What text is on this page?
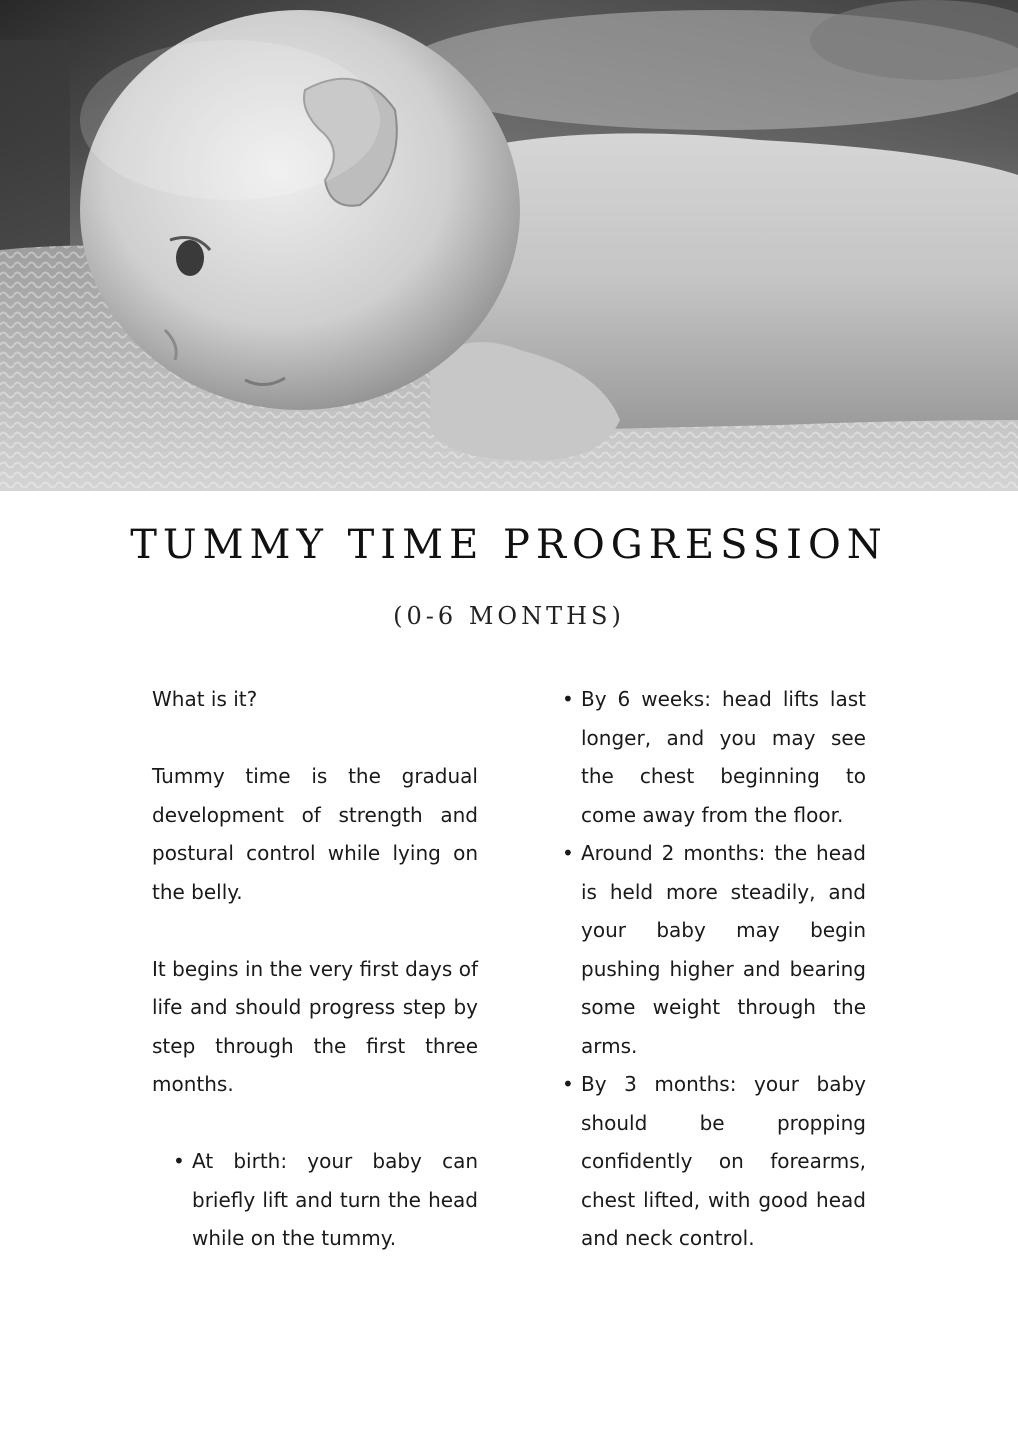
TUMMY TIME PROGRESSION

(0-6 MONTHS)

What is it?

Tummy time is the gradual development of strength and postural control while lying on the belly.

It begins in the very first days of life and should progress step by step through the first three months.

• At birth: your baby can briefly lift and turn the head while on the tummy.
• By 6 weeks: head lifts last longer, and you may see the chest beginning to come away from the floor.
• Around 2 months: the head is held more steadily, and your baby may begin pushing higher and bearing some weight through the arms.
• By 3 months: your baby should be propping confidently on forearms, chest lifted, with good head and neck control.
